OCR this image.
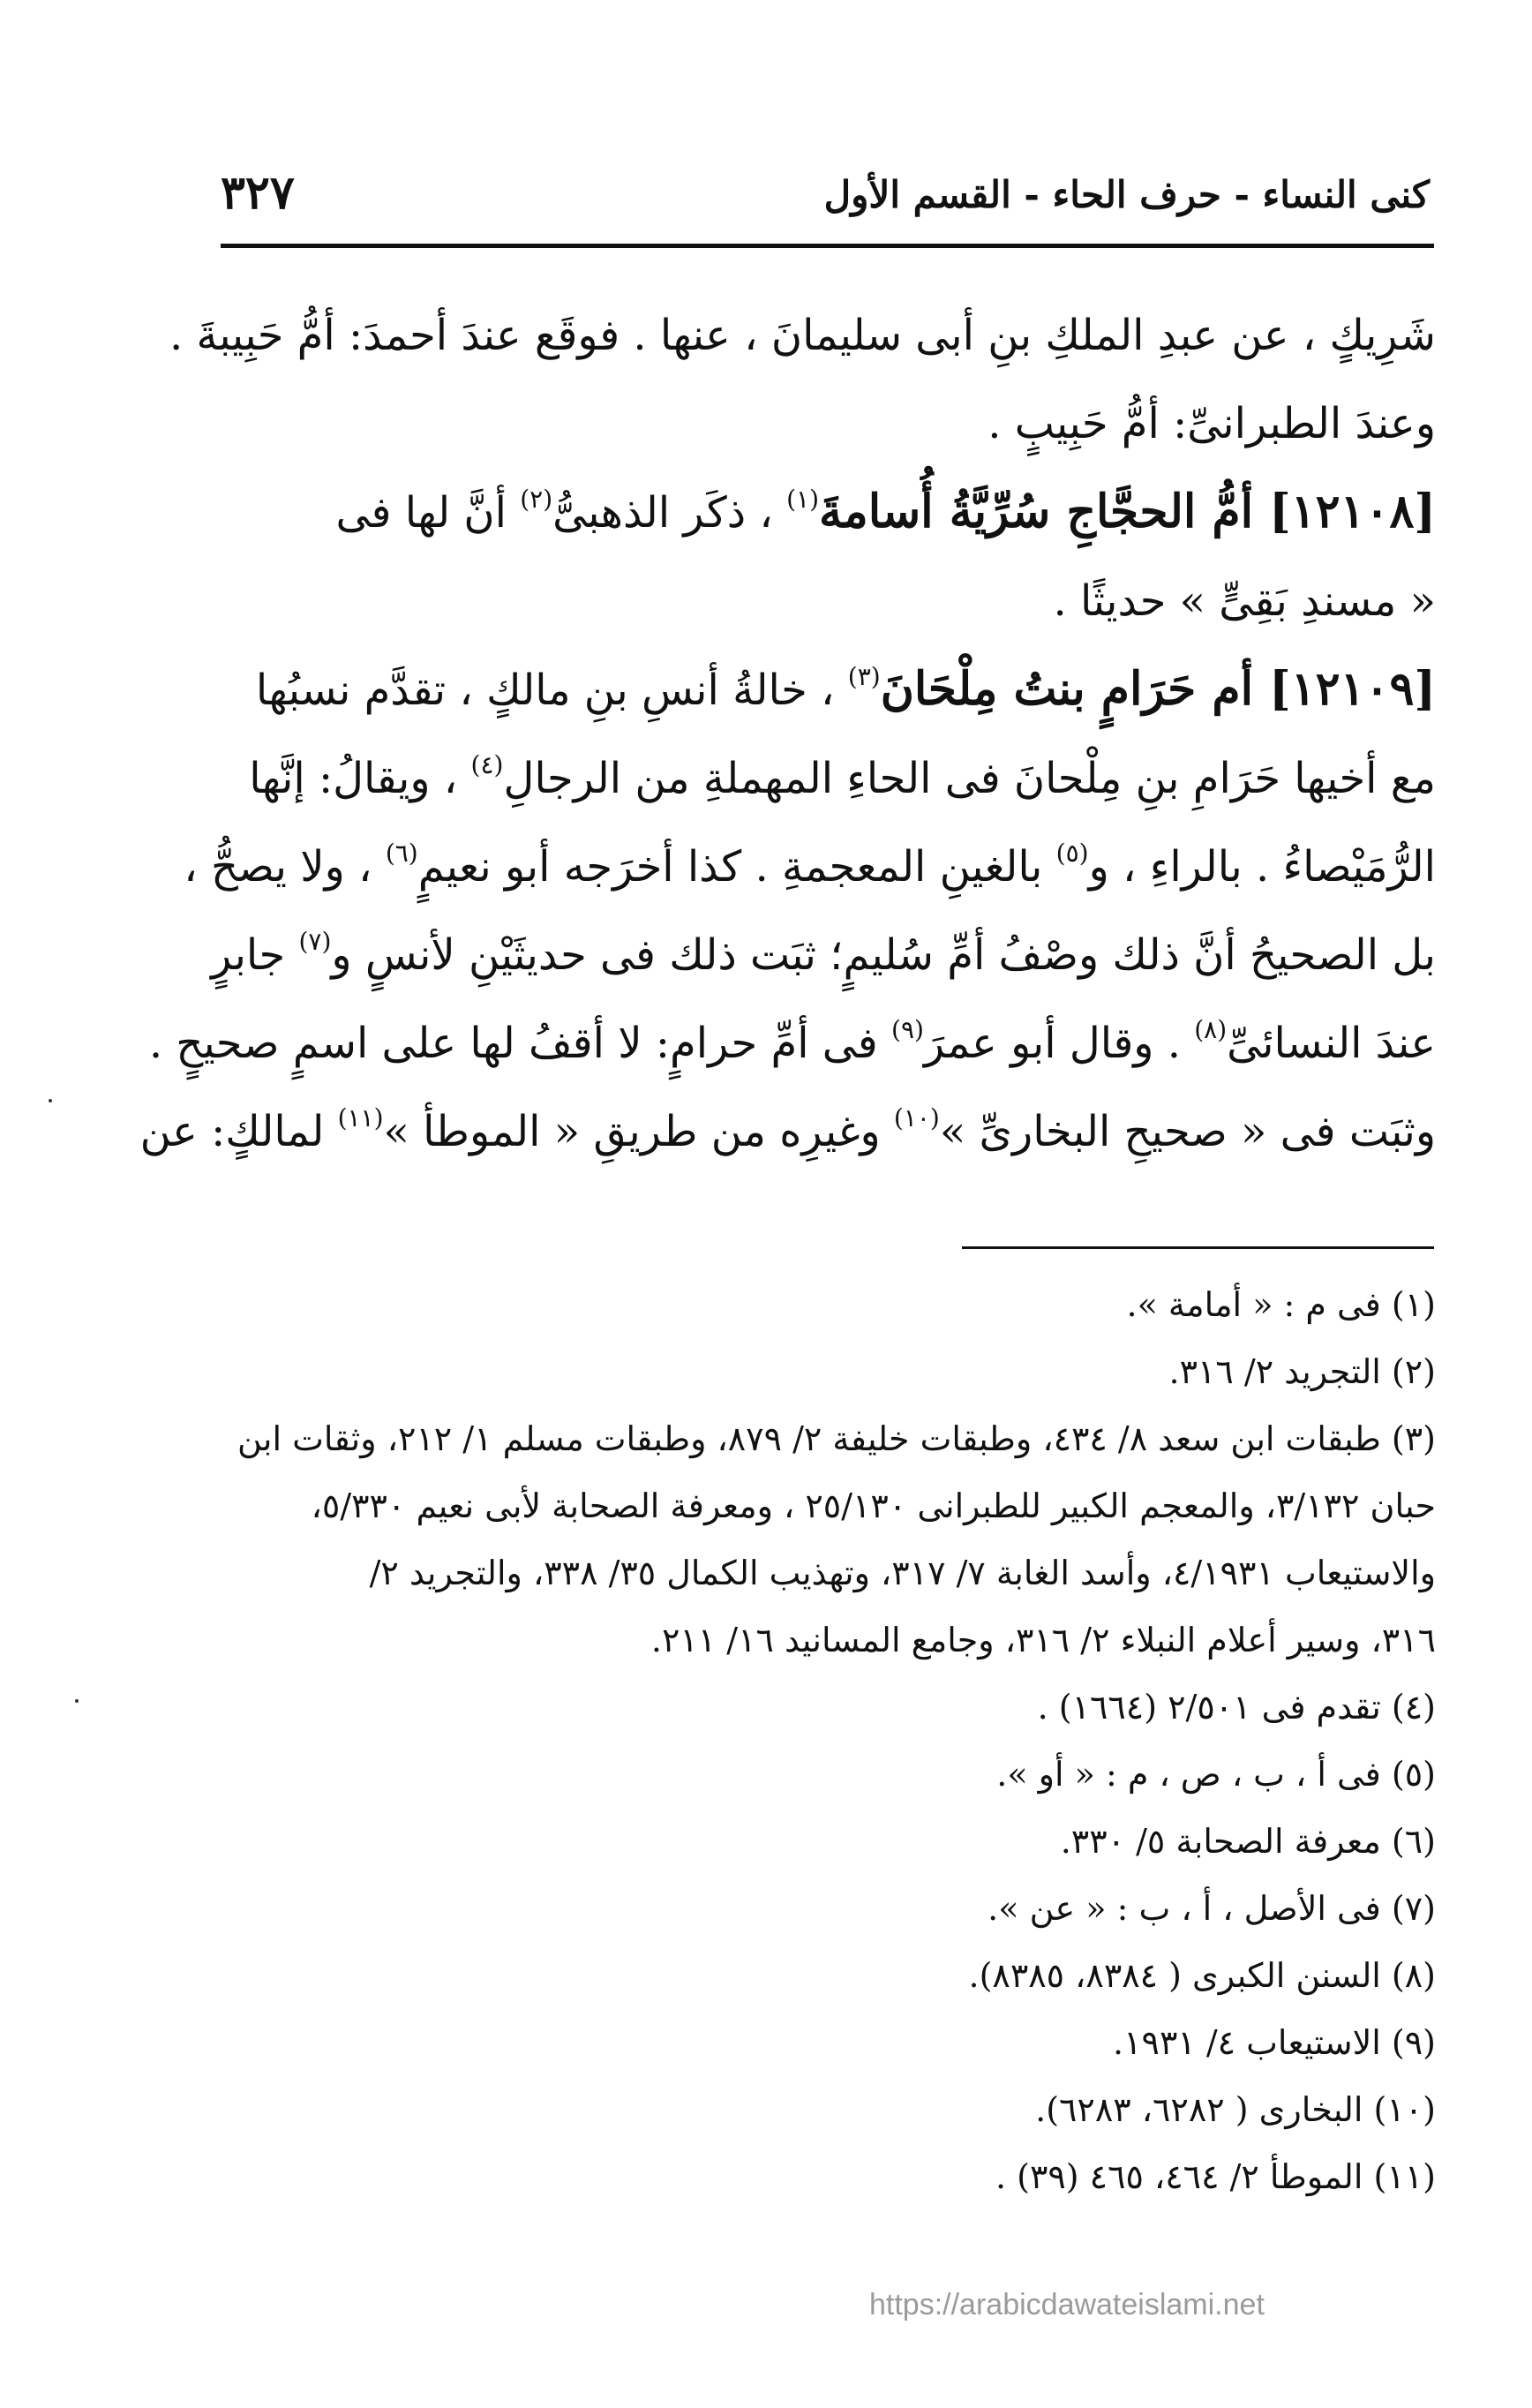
٣٢٧	كنى النساء - حرف الحاء - القسم الأول
شَرِيكٍ ، عن عبدِ الملكِ بنِ أبى سليمانَ ، عنها . فوقَع عندَ أحمدَ: أمُّ حَبِيبةَ .
وعندَ الطبرانىِّ: أمُّ حَبِيبٍ .
[١٢١٠٨] أمُّ الحجَّاجِ سُرِّيَّةُ أُسامةَ$^{(١)}$ ، ذكَر الذهبىُّ$^{(٢)}$ أنَّ لها فى
« مسندِ بَقِىٍّ » حديثًا .
[١٢١٠٩] أم حَرَامٍ بنتُ مِلْحَانَ$^{(٣)}$ ، خالةُ أنسِ بنِ مالكٍ ، تقدَّم نسبُها
مع أخيها حَرَامِ بنِ مِلْحانَ فى الحاءِ المهملةِ من الرجالِ$^{(٤)}$ ، ويقالُ: إنَّها
الرُّمَيْصاءُ . بالراءِ ، و$^{(٥)}$ بالغينِ المعجمةِ . كذا أخرَجه أبو نعيمٍ$^{(٦)}$ ، ولا يصحُّ ،
بل الصحيحُ أنَّ ذلك وصْفُ أمِّ سُليمٍ؛ ثبَت ذلك فى حديثَيْنِ لأنسٍ و$^{(٧)}$ جابرٍ
عندَ النسائىِّ$^{(٨)}$ . وقال أبو عمرَ$^{(٩)}$ فى أمِّ حرامٍ: لا أقفُ لها على اسمٍ صحيحٍ .
وثبَت فى « صحيحِ البخارىِّ »$^{(١٠)}$ وغيرِه من طريقِ « الموطأ »$^{(١١)}$ لمالكٍ: عن
(١) فى م : « أمامة ».
(٢) التجريد ٢/ ٣١٦.
(٣) طبقات ابن سعد ٨/ ٤٣٤، وطبقات خليفة ٢/ ٨٧٩، وطبقات مسلم ١/ ٢١٢، وثقات ابن
حبان ٣/١٣٢، والمعجم الكبير للطبرانى ٢٥/١٣٠ ، ومعرفة الصحابة لأبى نعيم ٥/٣٣٠،
والاستيعاب ٤/١٩٣١، وأسد الغابة ٧/ ٣١٧، وتهذيب الكمال ٣٥/ ٣٣٨، والتجريد ٢/
٣١٦، وسير أعلام النبلاء ٢/ ٣١٦، وجامع المسانيد ١٦/ ٢١١.
(٤) تقدم فى ٢/٥٠١ (١٦٦٤) .
(٥) فى أ ، ب ، ص ، م : « أو ».
(٦) معرفة الصحابة ٥/ ٣٣٠.
(٧) فى الأصل ، أ ، ب : « عن ».
(٨) السنن الكبرى ( ٨٣٨٤، ٨٣٨٥).
(٩) الاستيعاب ٤/ ١٩٣١.
(١٠) البخارى ( ٦٢٨٢، ٦٢٨٣).
(١١) الموطأ ٢/ ٤٦٤، ٤٦٥ (٣٩) .
https://arabicdawateislami.net
